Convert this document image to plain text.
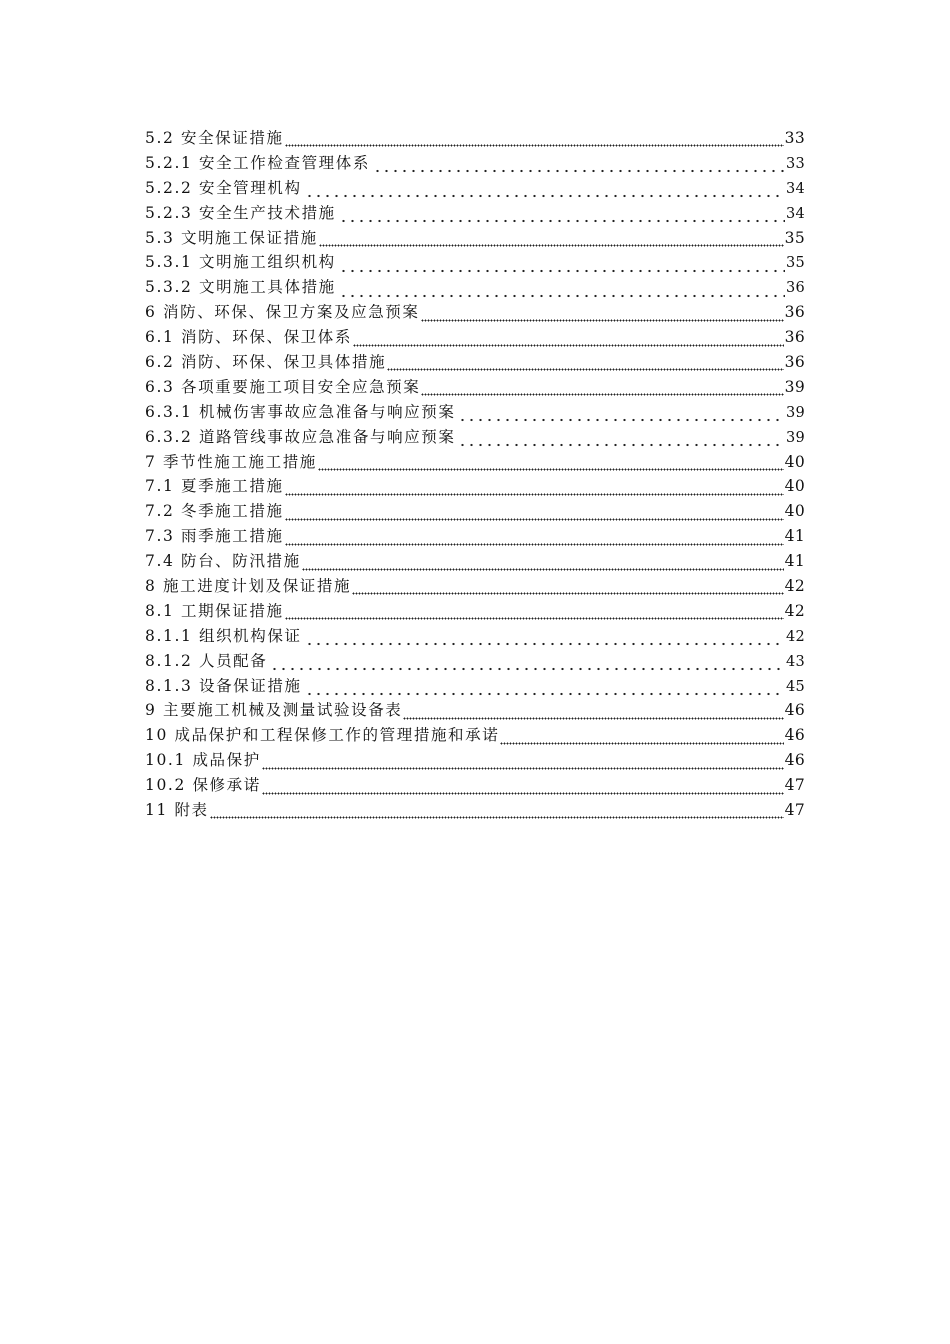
5.2 安全保证措施	33
5.2.1 安全工作检查管理体系	33
5.2.2 安全管理机构	34
5.2.3 安全生产技术措施	34
5.3 文明施工保证措施	35
5.3.1 文明施工组织机构	35
5.3.2 文明施工具体措施	36
6 消防、环保、保卫方案及应急预案	36
6.1 消防、环保、保卫体系	36
6.2 消防、环保、保卫具体措施	36
6.3 各项重要施工项目安全应急预案	39
6.3.1 机械伤害事故应急准备与响应预案	39
6.3.2 道路管线事故应急准备与响应预案	39
7 季节性施工施工措施	40
7.1 夏季施工措施	40
7.2 冬季施工措施	40
7.3 雨季施工措施	41
7.4 防台、防汛措施	41
8 施工进度计划及保证措施	42
8.1 工期保证措施	42
8.1.1 组织机构保证	42
8.1.2 人员配备	43
8.1.3 设备保证措施	45
9 主要施工机械及测量试验设备表	46
10 成品保护和工程保修工作的管理措施和承诺	46
10.1 成品保护	46
10.2 保修承诺	47
11 附表	47
